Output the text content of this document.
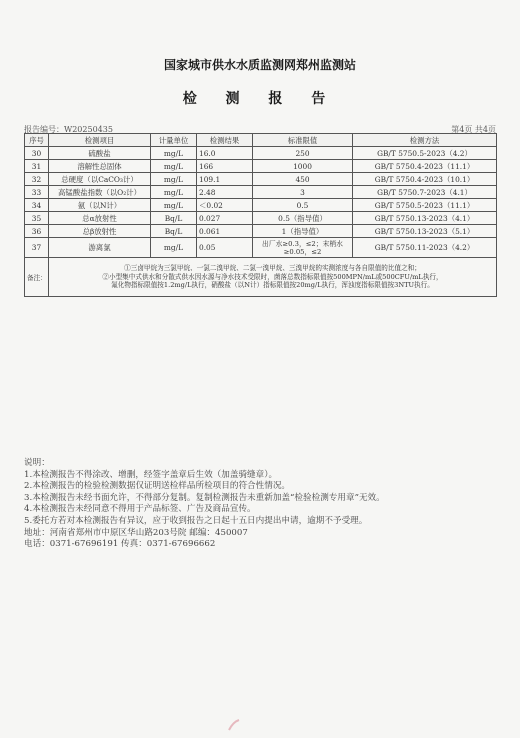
国家城市供水水质监测网郑州监测站
检 测 报 告
报告编号：W20250435	第4页 共4页
序号	检测项目	计量单位	检测结果	标准限值	检测方法
30	硫酸盐	mg/L	16.0	250	GB/T 5750.5-2023（4.2）
31	溶解性总固体	mg/L	166	1000	GB/T 5750.4-2023（11.1）
32	总硬度（以CaCO₃计）	mg/L	109.1	450	GB/T 5750.4-2023（10.1）
33	高锰酸盐指数（以O₂计）	mg/L	2.48	3	GB/T 5750.7-2023（4.1）
34	氨（以N计）	mg/L	＜0.02	0.5	GB/T 5750.5-2023（11.1）
35	总α放射性	Bq/L	0.027	0.5（指导值）	GB/T 5750.13-2023（4.1）
36	总β放射性	Bq/L	0.061	1（指导值）	GB/T 5750.13-2023（5.1）
37	游离氯	mg/L	0.05	出厂水≥0.3，≤2；末梢水≥0.05，≤2	GB/T 5750.11-2023（4.2）
备注：	①三卤甲烷为三氯甲烷、一氯二溴甲烷、二氯一溴甲烷、三溴甲烷的实测浓度与各自限值的比值之和；
②小型集中式供水和分散式供水因水源与净水技术受限时，菌落总数指标限值按500MPN/mL或500CFU/mL执行，
氟化物指标限值按1.2mg/L执行，硝酸盐（以N计）指标限值按20mg/L执行，浑浊度指标限值按3NTU执行。				
说明：
1.本检测报告不得涂改、增删，经签字盖章后生效（加盖骑缝章）。
2.本检测报告的检验检测数据仅证明送检样品所检项目的符合性情况。
3.本检测报告未经书面允许，不得部分复制。复制检测报告未重新加盖“检验检测专用章”无效。
4.本检测报告未经同意不得用于产品标签、广告及商品宣传。
5.委托方若对本检测报告有异议，应于收到报告之日起十五日内提出申请，逾期不予受理。
地址：河南省郑州市中原区华山路203号院 邮编：450007
电话：0371-67696191 传真：0371-67696662
